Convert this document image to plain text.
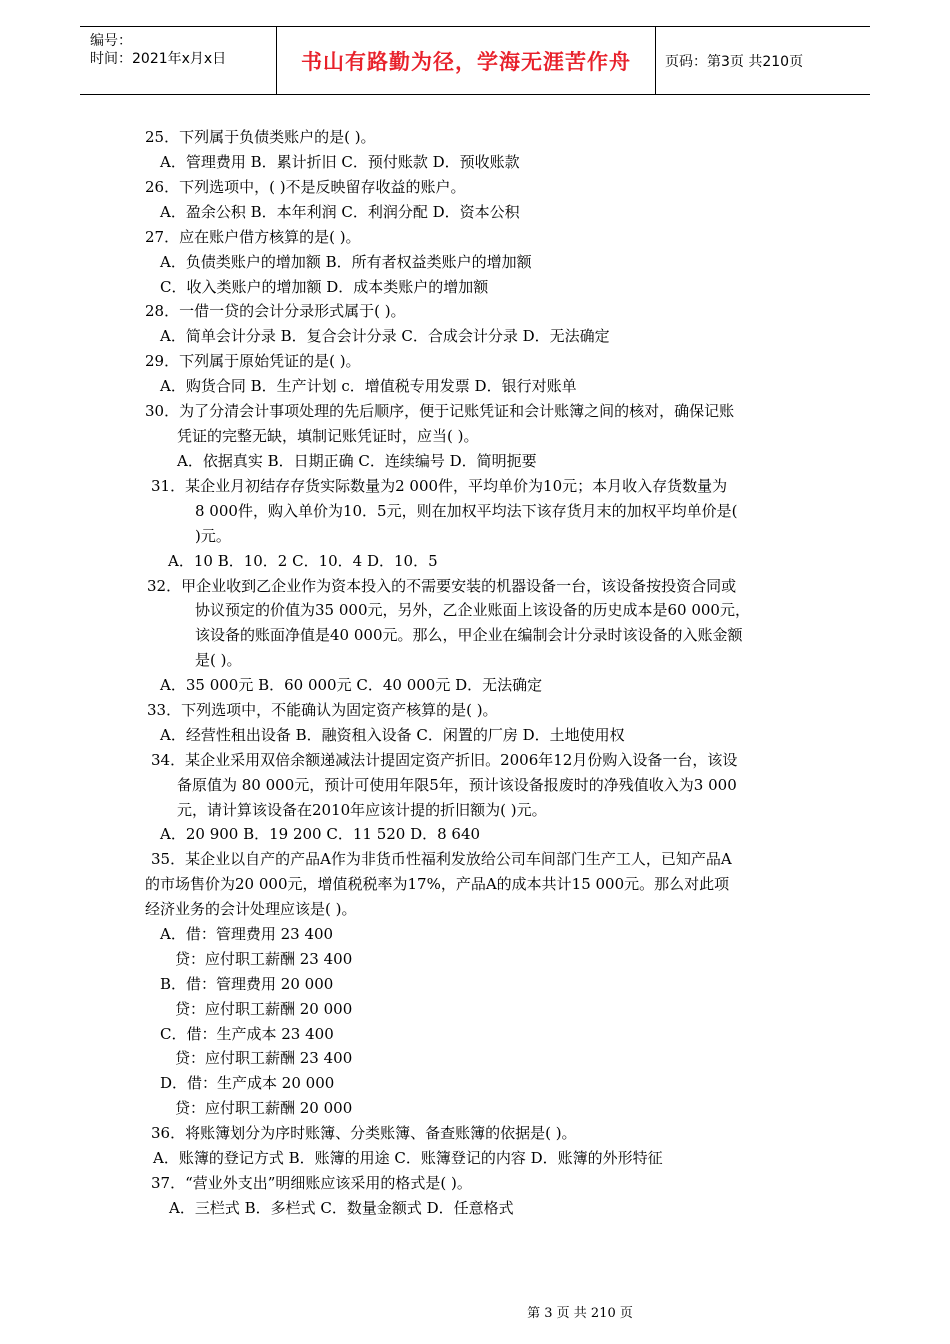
编号：
时间：2021年x月x日	书山有路勤为径，学海无涯苦作舟	页码：第3页 共210页
25．下列属于负债类账户的是( )。
A．管理费用 B．累计折旧 C．预付账款 D．预收账款
26．下列选项中，( )不是反映留存收益的账户。
A．盈余公积 B．本年利润 C．利润分配 D．资本公积
27．应在账户借方核算的是( )。
A．负债类账户的增加额 B．所有者权益类账户的增加额
C．收入类账户的增加额 D．成本类账户的增加额
28．一借一贷的会计分录形式属于( )。
A．简单会计分录 B．复合会计分录 C．合成会计分录 D．无法确定
29．下列属于原始凭证的是( )。
A．购货合同 B．生产计划 c．增值税专用发票 D．银行对账单
30．为了分清会计事项处理的先后顺序，便于记账凭证和会计账簿之间的核对，确保记账
凭证的完整无缺，填制记账凭证时，应当( )。
A．依据真实 B．日期正确 C．连续编号 D．简明扼要
31．某企业月初结存存货实际数量为2 000件，平均单价为10元；本月收入存货数量为
8 000件，购入单价为10．5元，则在加权平均法下该存货月末的加权平均单价是(
)元。
A．10 B．10．2 C．10．4 D．10．5
32．甲企业收到乙企业作为资本投入的不需要安装的机器设备一台，该设备按投资合同或
协议预定的价值为35 000元，另外，乙企业账面上该设备的历史成本是60 000元，
该设备的账面净值是40 000元。那么，甲企业在编制会计分录时该设备的入账金额
是( )。
A．35 000元 B．60 000元 C．40 000元 D．无法确定
33．下列选项中，不能确认为固定资产核算的是( )。
A．经营性租出设备 B．融资租入设备 C．闲置的厂房 D．土地使用权
34．某企业采用双倍余额递减法计提固定资产折旧。2006年12月份购入设备一台，该设
备原值为 80 000元，预计可使用年限5年，预计该设备报废时的净残值收入为3 000
元，请计算该设备在2010年应该计提的折旧额为( )元。
A．20 900 B．19 200 C．11 520 D．8 640
35．某企业以自产的产品A作为非货币性福利发放给公司车间部门生产工人，已知产品A
的市场售价为20 000元，增值税税率为17%，产品A的成本共计15 000元。那么对此项
经济业务的会计处理应该是( )。
A．借：管理费用 23 400
贷：应付职工薪酬 23 400
B．借：管理费用 20 000
贷：应付职工薪酬 20 000
C．借：生产成本 23 400
贷：应付职工薪酬 23 400
D．借：生产成本 20 000
贷：应付职工薪酬 20 000
36．将账簿划分为序时账簿、分类账簿、备查账簿的依据是( )。
A．账簿的登记方式 B．账簿的用途 C．账簿登记的内容 D．账簿的外形特征
37．“营业外支出”明细账应该采用的格式是( )。
A．三栏式 B．多栏式 C．数量金额式 D．任意格式
第 3 页 共 210 页
